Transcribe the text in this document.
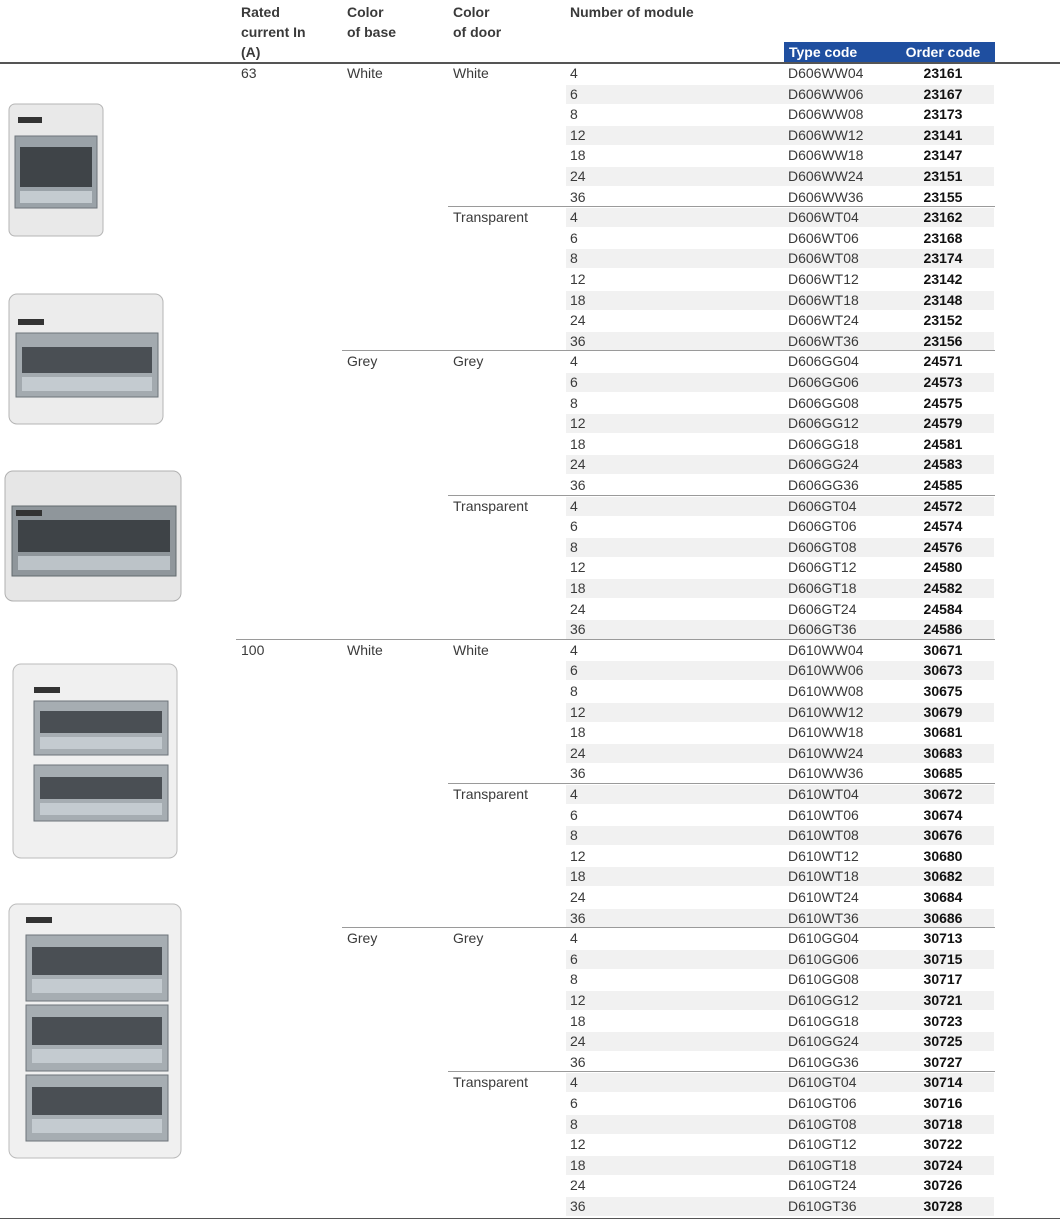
Rated
current In
(A)
Color
of base
Color
of door
Number of module
Type code	Order code
63	White	White	4	D606WW04	23161
6	D606WW06	23167
8	D606WW08	23173
12	D606WW12	23141
18	D606WW18	23147
24	D606WW24	23151
36	D606WW36	23155
Transparent	4	D606WT04	23162
6	D606WT06	23168
8	D606WT08	23174
12	D606WT12	23142
18	D606WT18	23148
24	D606WT24	23152
36	D606WT36	23156
Grey	Grey	4	D606GG04	24571
6	D606GG06	24573
8	D606GG08	24575
12	D606GG12	24579
18	D606GG18	24581
24	D606GG24	24583
36	D606GG36	24585
Transparent	4	D606GT04	24572
6	D606GT06	24574
8	D606GT08	24576
12	D606GT12	24580
18	D606GT18	24582
24	D606GT24	24584
36	D606GT36	24586
100	White	White	4	D610WW04	30671
6	D610WW06	30673
8	D610WW08	30675
12	D610WW12	30679
18	D610WW18	30681
24	D610WW24	30683
36	D610WW36	30685
Transparent	4	D610WT04	30672
6	D610WT06	30674
8	D610WT08	30676
12	D610WT12	30680
18	D610WT18	30682
24	D610WT24	30684
36	D610WT36	30686
Grey	Grey	4	D610GG04	30713
6	D610GG06	30715
8	D610GG08	30717
12	D610GG12	30721
18	D610GG18	30723
24	D610GG24	30725
36	D610GG36	30727
Transparent	4	D610GT04	30714
6	D610GT06	30716
8	D610GT08	30718
12	D610GT12	30722
18	D610GT18	30724
24	D610GT24	30726
36	D610GT36	30728
